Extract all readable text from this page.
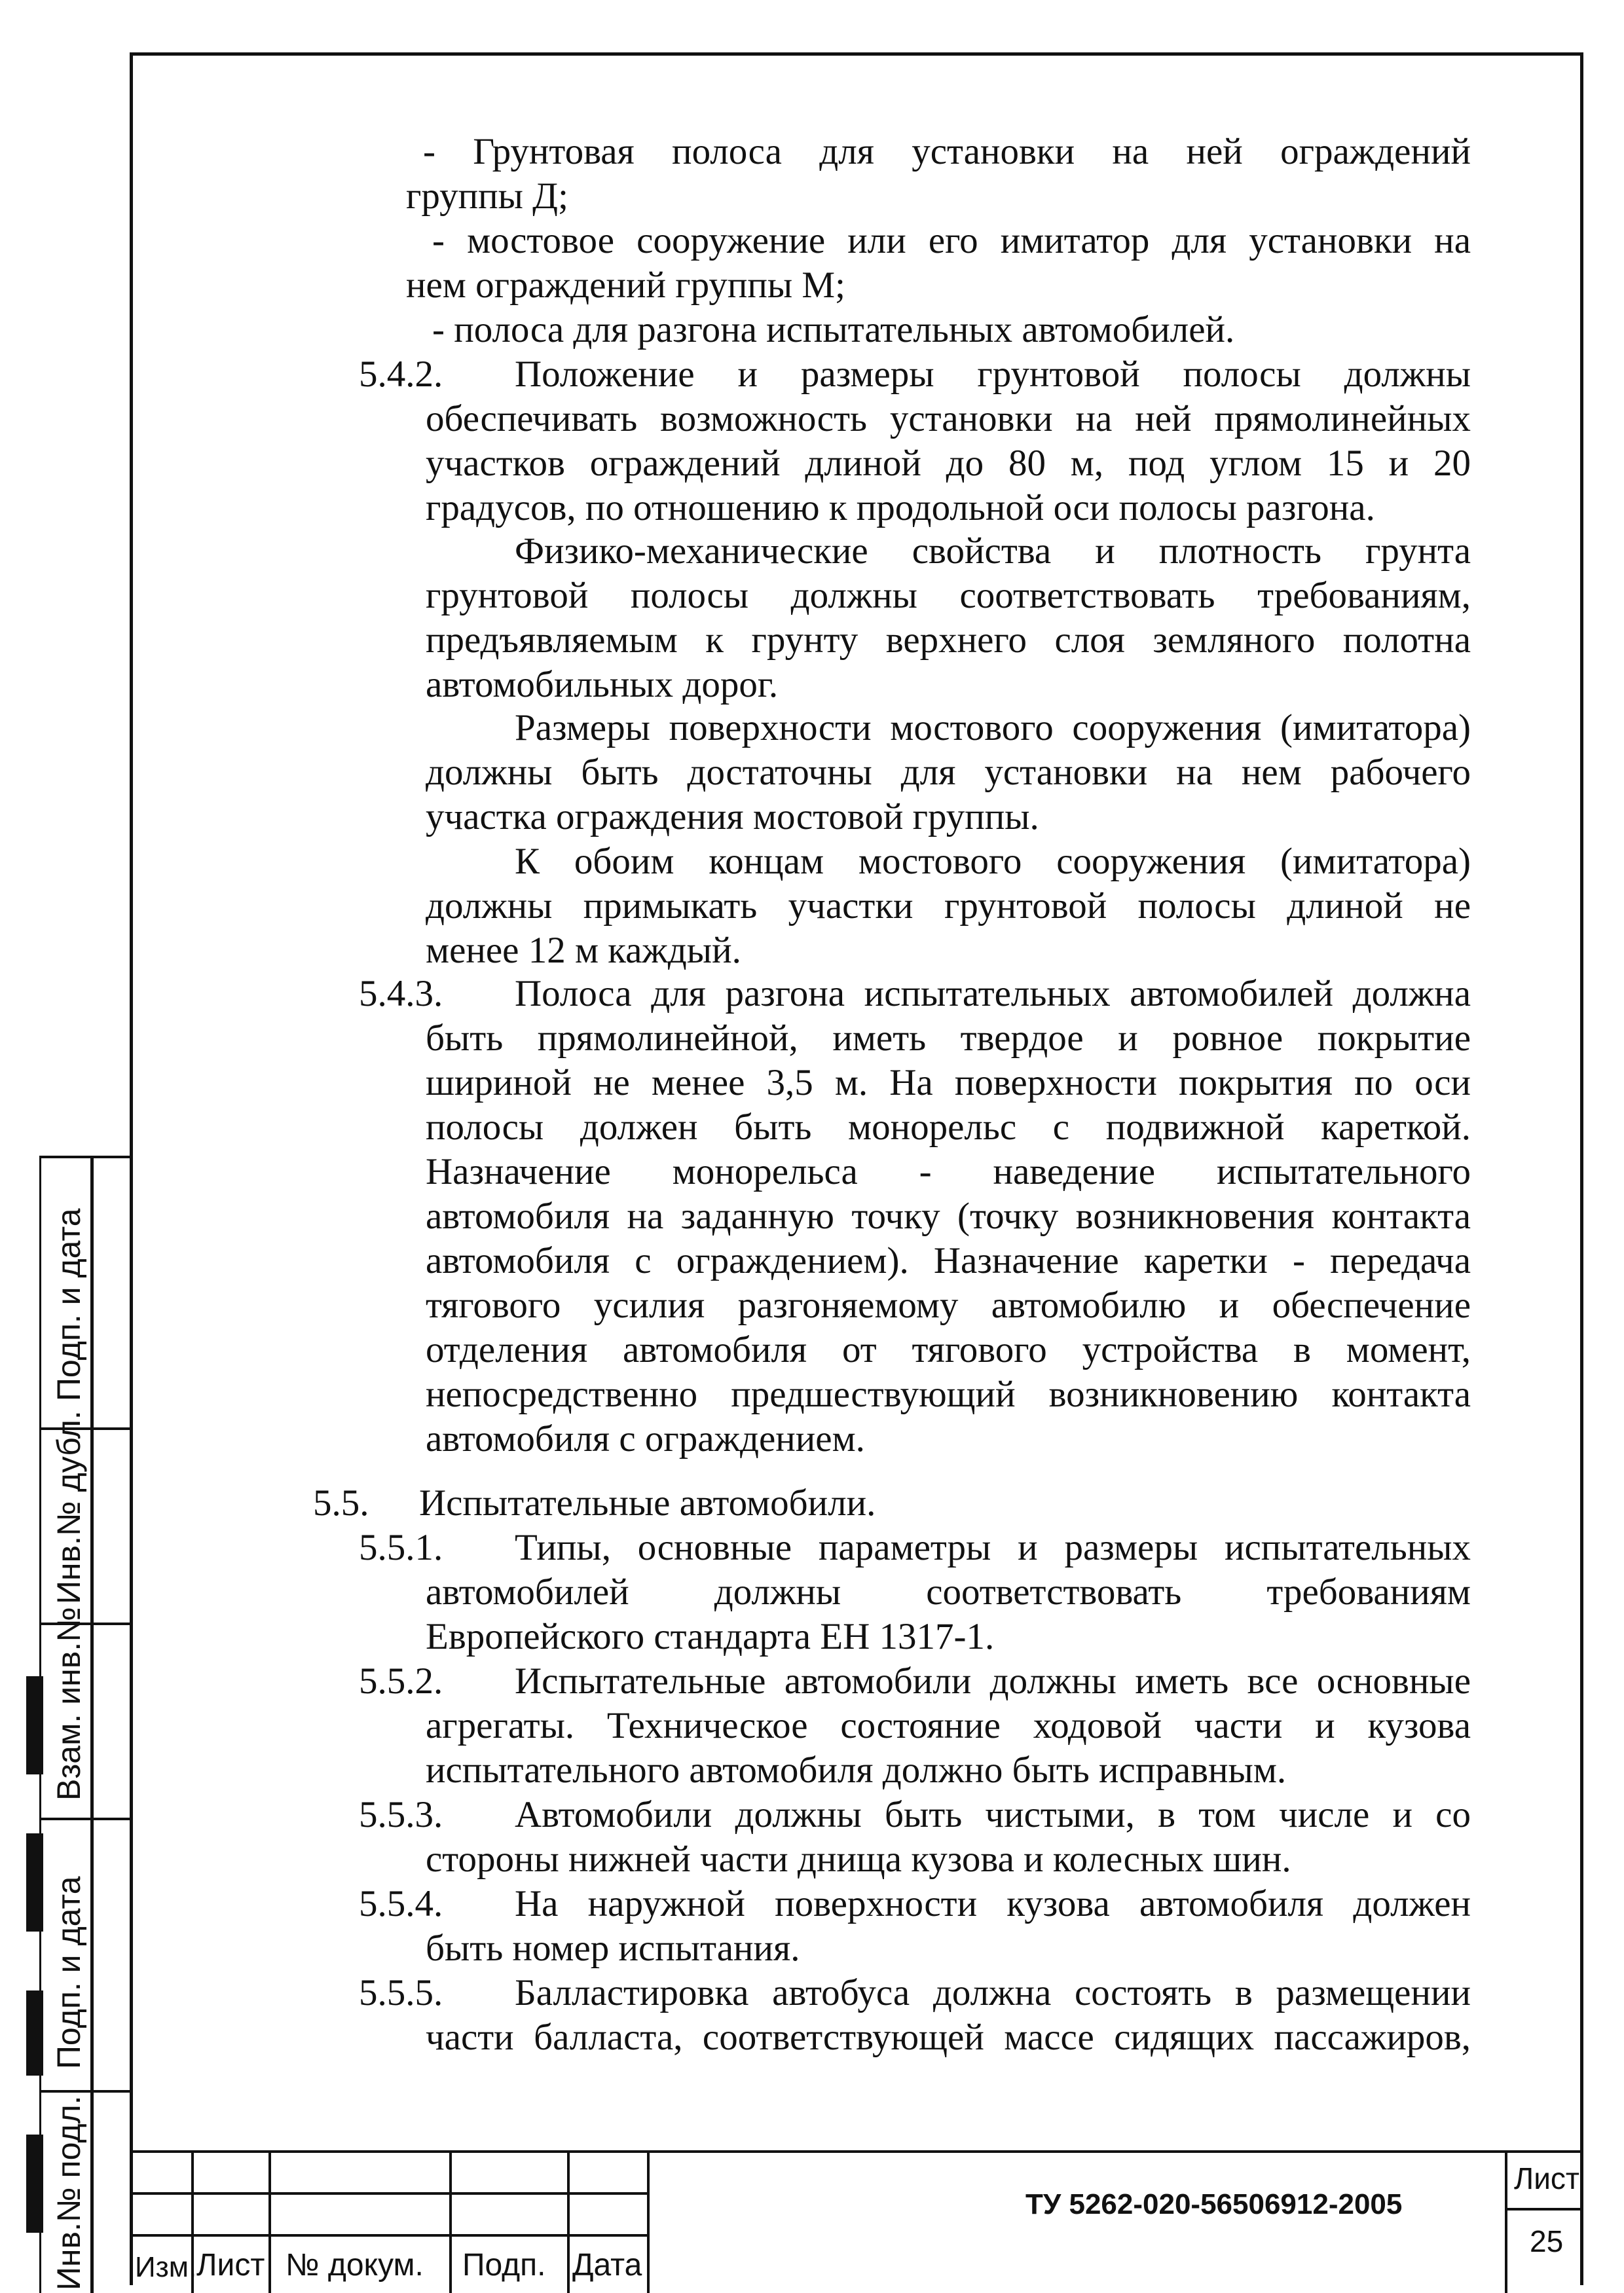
- Грунтовая полоса для установки на ней ограждений
группы Д;
- мостовое сооружение или его имитатор для установки на
нем ограждений группы М;
- полоса для разгона испытательных автомобилей.
5.4.2. Положение и размеры грунтовой полосы должны
обеспечивать возможность установки на ней прямолинейных
участков ограждений длиной до 80 м, под углом 15 и 20
градусов, по отношению к продольной оси полосы разгона.
Физико-механические свойства и плотность грунта
грунтовой полосы должны соответствовать требованиям,
предъявляемым к грунту верхнего слоя земляного полотна
автомобильных дорог.
Размеры поверхности мостового сооружения (имитатора)
должны быть достаточны для установки на нем рабочего
участка ограждения мостовой группы.
К обоим концам мостового сооружения (имитатора)
должны примыкать участки грунтовой полосы длиной не
менее 12 м каждый.
5.4.3. Полоса для разгона испытательных автомобилей должна
быть прямолинейной, иметь твердое и ровное покрытие
шириной не менее 3,5 м. На поверхности покрытия по оси
полосы должен быть монорельс с подвижной кареткой.
Назначение монорельса - наведение испытательного
автомобиля на заданную точку (точку возникновения контакта
автомобиля с ограждением). Назначение каретки - передача
тягового усилия разгоняемому автомобилю и обеспечение
отделения автомобиля от тягового устройства в момент,
непосредственно предшествующий возникновению контакта
автомобиля с ограждением.
5.5. Испытательные автомобили.
5.5.1. Типы, основные параметры и размеры испытательных
автомобилей должны соответствовать требованиям
Европейского стандарта ЕН 1317-1.
5.5.2. Испытательные автомобили должны иметь все основные
агрегаты. Техническое состояние ходовой части и кузова
испытательного автомобиля должно быть исправным.
5.5.3. Автомобили должны быть чистыми, в том числе и со
стороны нижней части днища кузова и колесных шин.
5.5.4. На наружной поверхности кузова автомобиля должен
быть номер испытания.
5.5.5. Балластировка автобуса должна состоять в размещении
части балласта, соответствующей массе сидящих пассажиров,
Подп. и дата
Инв.№ дубл.
Взам. инв.№
Подп. и дата
Инв.№ подл. Изм. Лист № докум. Подп. Дата
ТУ 5262-020-56506912-2005
Лист
25
